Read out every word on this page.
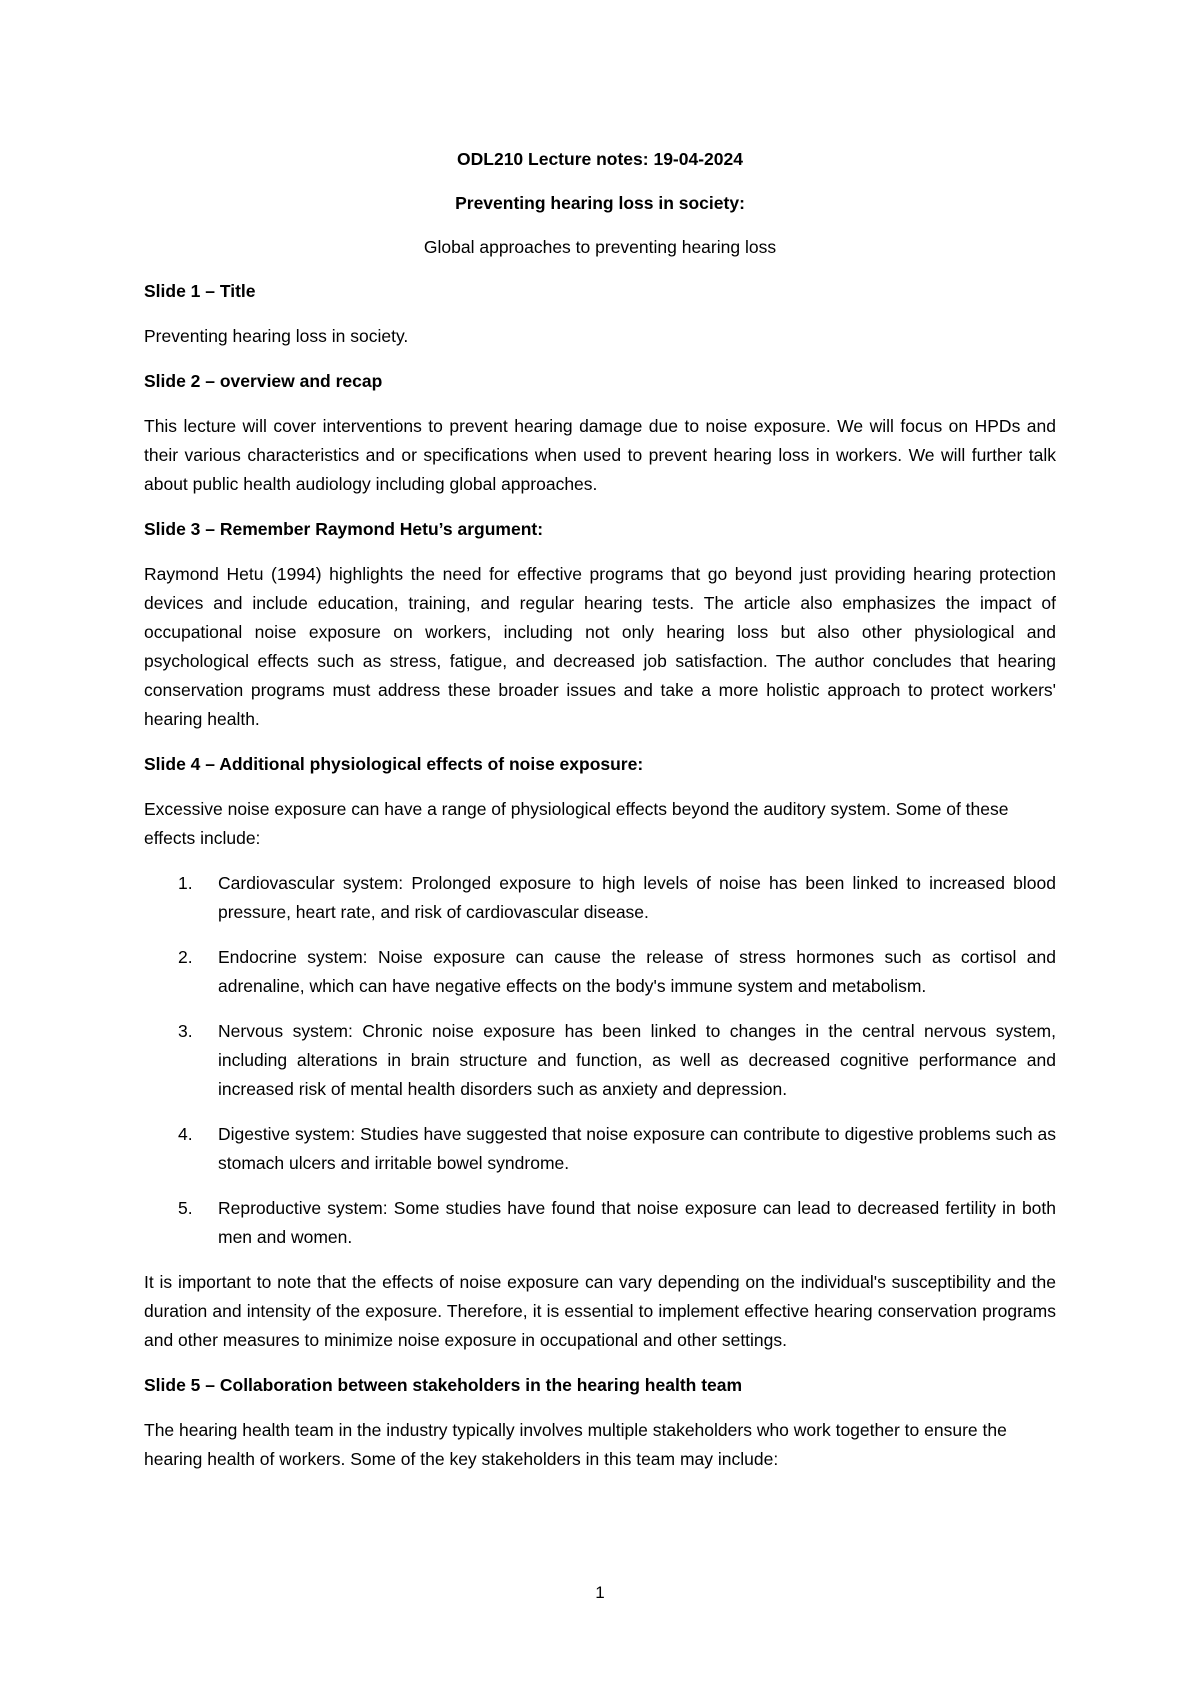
ODL210 Lecture notes: 19-04-2024

Preventing hearing loss in society:

Global approaches to preventing hearing loss

Slide 1 – Title

Preventing hearing loss in society.

Slide 2 – overview and recap

This lecture will cover interventions to prevent hearing damage due to noise exposure. We will focus on HPDs and their various characteristics and or specifications when used to prevent hearing loss in workers. We will further talk about public health audiology including global approaches.

Slide 3 – Remember Raymond Hetu’s argument:

Raymond Hetu (1994) highlights the need for effective programs that go beyond just providing hearing protection devices and include education, training, and regular hearing tests. The article also emphasizes the impact of occupational noise exposure on workers, including not only hearing loss but also other physiological and psychological effects such as stress, fatigue, and decreased job satisfaction. The author concludes that hearing conservation programs must address these broader issues and take a more holistic approach to protect workers' hearing health.

Slide 4 – Additional physiological effects of noise exposure:

Excessive noise exposure can have a range of physiological effects beyond the auditory system. Some of these effects include:

1. Cardiovascular system: Prolonged exposure to high levels of noise has been linked to increased blood pressure, heart rate, and risk of cardiovascular disease.
2. Endocrine system: Noise exposure can cause the release of stress hormones such as cortisol and adrenaline, which can have negative effects on the body's immune system and metabolism.
3. Nervous system: Chronic noise exposure has been linked to changes in the central nervous system, including alterations in brain structure and function, as well as decreased cognitive performance and increased risk of mental health disorders such as anxiety and depression.
4. Digestive system: Studies have suggested that noise exposure can contribute to digestive problems such as stomach ulcers and irritable bowel syndrome.
5. Reproductive system: Some studies have found that noise exposure can lead to decreased fertility in both men and women.

It is important to note that the effects of noise exposure can vary depending on the individual's susceptibility and the duration and intensity of the exposure. Therefore, it is essential to implement effective hearing conservation programs and other measures to minimize noise exposure in occupational and other settings.

Slide 5 – Collaboration between stakeholders in the hearing health team

The hearing health team in the industry typically involves multiple stakeholders who work together to ensure the hearing health of workers. Some of the key stakeholders in this team may include:

1
